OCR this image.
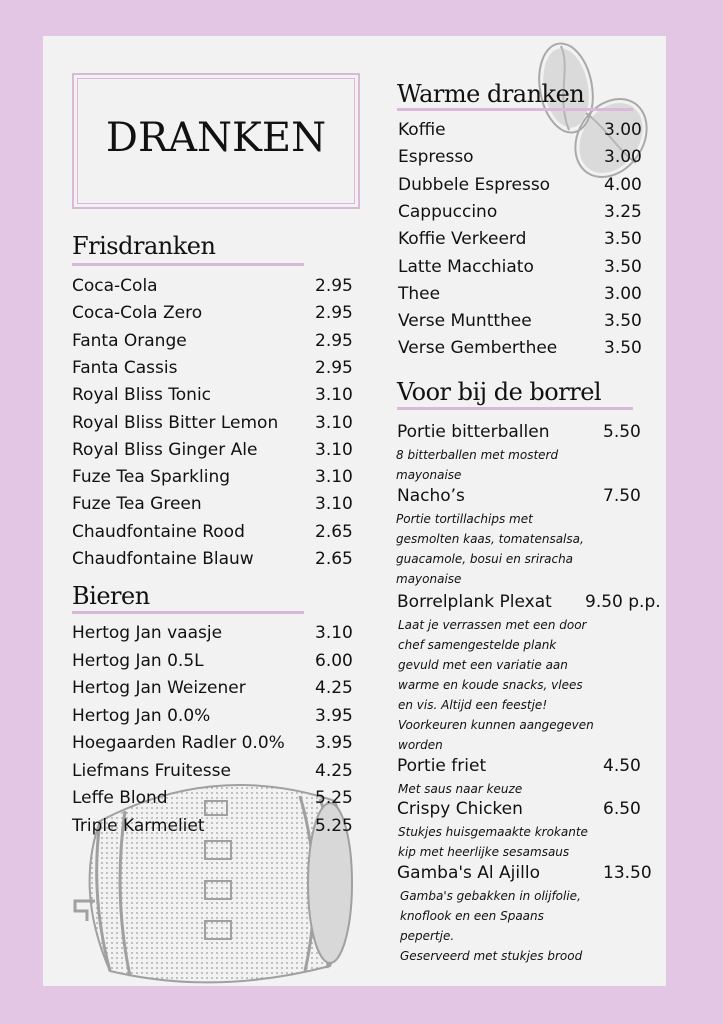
DRANKEN
Frisdranken
Bieren
Warme dranken
Voor bij de borrel
Coca-Cola	2.95
Coca-Cola Zero	2.95
Fanta Orange	2.95
Fanta Cassis	2.95
Royal Bliss Tonic	3.10
Royal Bliss Bitter Lemon 3.10
Royal Bliss Ginger Ale	3.10
Fuze Tea Sparkling	3.10
Fuze Tea Green	3.10
Chaudfontaine Rood	2.65
Chaudfontaine Blauw	2.65
Hertog Jan vaasje	3.10
Hertog Jan 0.5L	6.00
Hertog Jan Weizener	4.25
Hertog Jan 0.0%	3.95
Hoegaarden Radler 0.0% 3.95
Liefmans Fruitesse	4.25
Leffe Blond	5.25
Triple Karmeliet	5.25
Koffie	3.00
Espresso	3.00
Dubbele Espresso	4.00
Cappuccino	3.25
Koffie Verkeerd	3.50
Latte Macchiato	3.50
Thee	3.00
Verse Muntthee	3.50
Verse Gemberthee	3.50
Portie bitterballen	5.50
8 bitterballen met mosterd
mayonaise
Nacho’s	7.50
Portie tortillachips met
gesmolten kaas, tomatensalsa,
guacamole, bosui en sriracha
mayonaise
Borrelplank Plexat 9.50 p.p.
Laat je verrassen met een door
chef samengestelde plank
gevuld met een variatie aan
warme en koude snacks, vlees
en vis. Altijd een feestje!
Voorkeuren kunnen aangegeven
worden
Portie friet	4.50
Met saus naar keuze
Crispy Chicken	6.50
Stukjes huisgemaakte krokante
kip met heerlijke sesamsaus
Gamba's Al Ajillo	13.50
Gamba's gebakken in olijfolie,
knoflook en een Spaans
pepertje.
Geserveerd met stukjes brood
